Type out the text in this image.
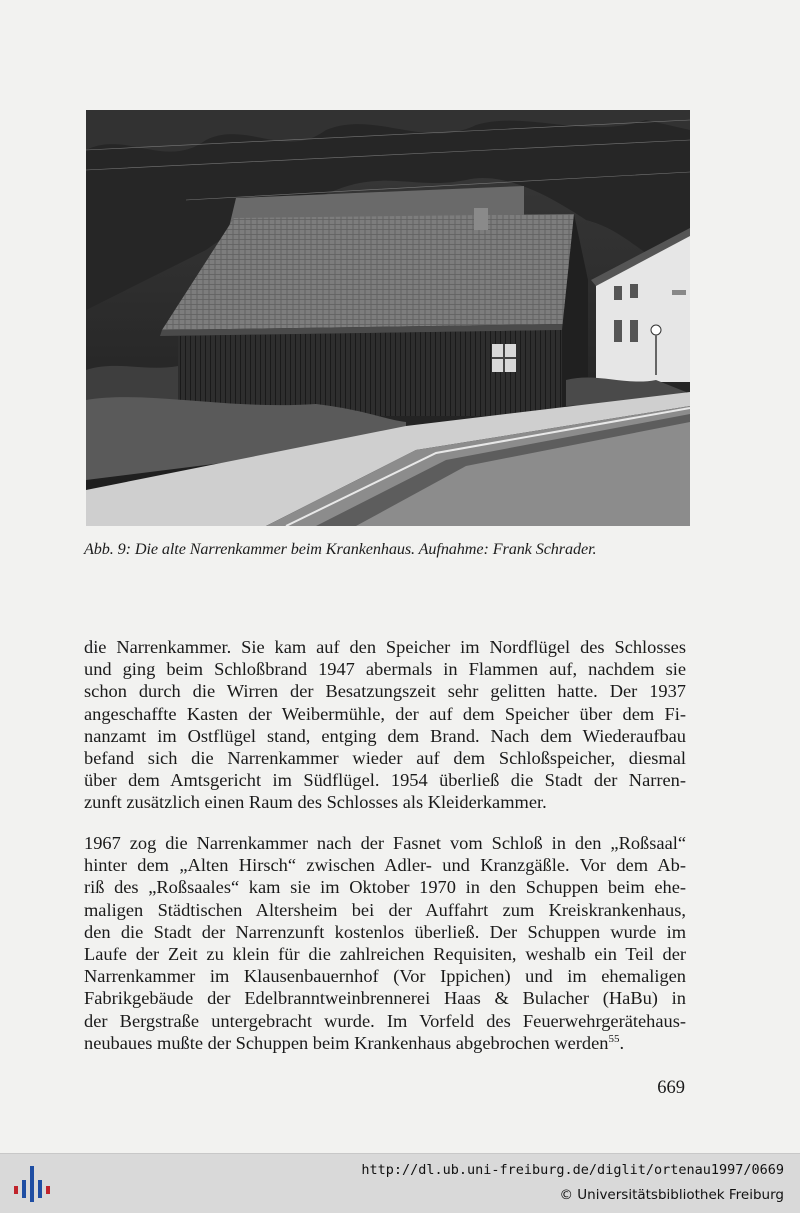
Abb. 9: Die alte Narrenkammer beim Krankenhaus. Aufnahme: Frank Schrader.

die Narrenkammer. Sie kam auf den Speicher im Nordflügel des Schlosses
und ging beim Schloßbrand 1947 abermals in Flammen auf, nachdem sie
schon durch die Wirren der Besatzungszeit sehr gelitten hatte. Der 1937
angeschaffte Kasten der Weibermühle, der auf dem Speicher über dem Fi-
nanzamt im Ostflügel stand, entging dem Brand. Nach dem Wiederaufbau
befand sich die Narrenkammer wieder auf dem Schloßspeicher, diesmal
über dem Amtsgericht im Südflügel. 1954 überließ die Stadt der Narren-
zunft zusätzlich einen Raum des Schlosses als Kleiderkammer.

1967 zog die Narrenkammer nach der Fasnet vom Schloß in den „Roßsaal“
hinter dem „Alten Hirsch“ zwischen Adler- und Kranzgäßle. Vor dem Ab-
riß des „Roßsaales“ kam sie im Oktober 1970 in den Schuppen beim ehe-
maligen Städtischen Altersheim bei der Auffahrt zum Kreiskrankenhaus,
den die Stadt der Narrenzunft kostenlos überließ. Der Schuppen wurde im
Laufe der Zeit zu klein für die zahlreichen Requisiten, weshalb ein Teil der
Narrenkammer im Klausenbauernhof (Vor Ippichen) und im ehemaligen
Fabrikgebäude der Edelbranntweinbrennerei Haas & Bulacher (HaBu) in
der Bergstraße untergebracht wurde. Im Vorfeld des Feuerwehrgerätehaus-
neubaues mußte der Schuppen beim Krankenhaus abgebrochen werden$^{55}$.

669
http://dl.ub.uni-freiburg.de/diglit/ortenau1997/0669
© Universitätsbibliothek Freiburg
